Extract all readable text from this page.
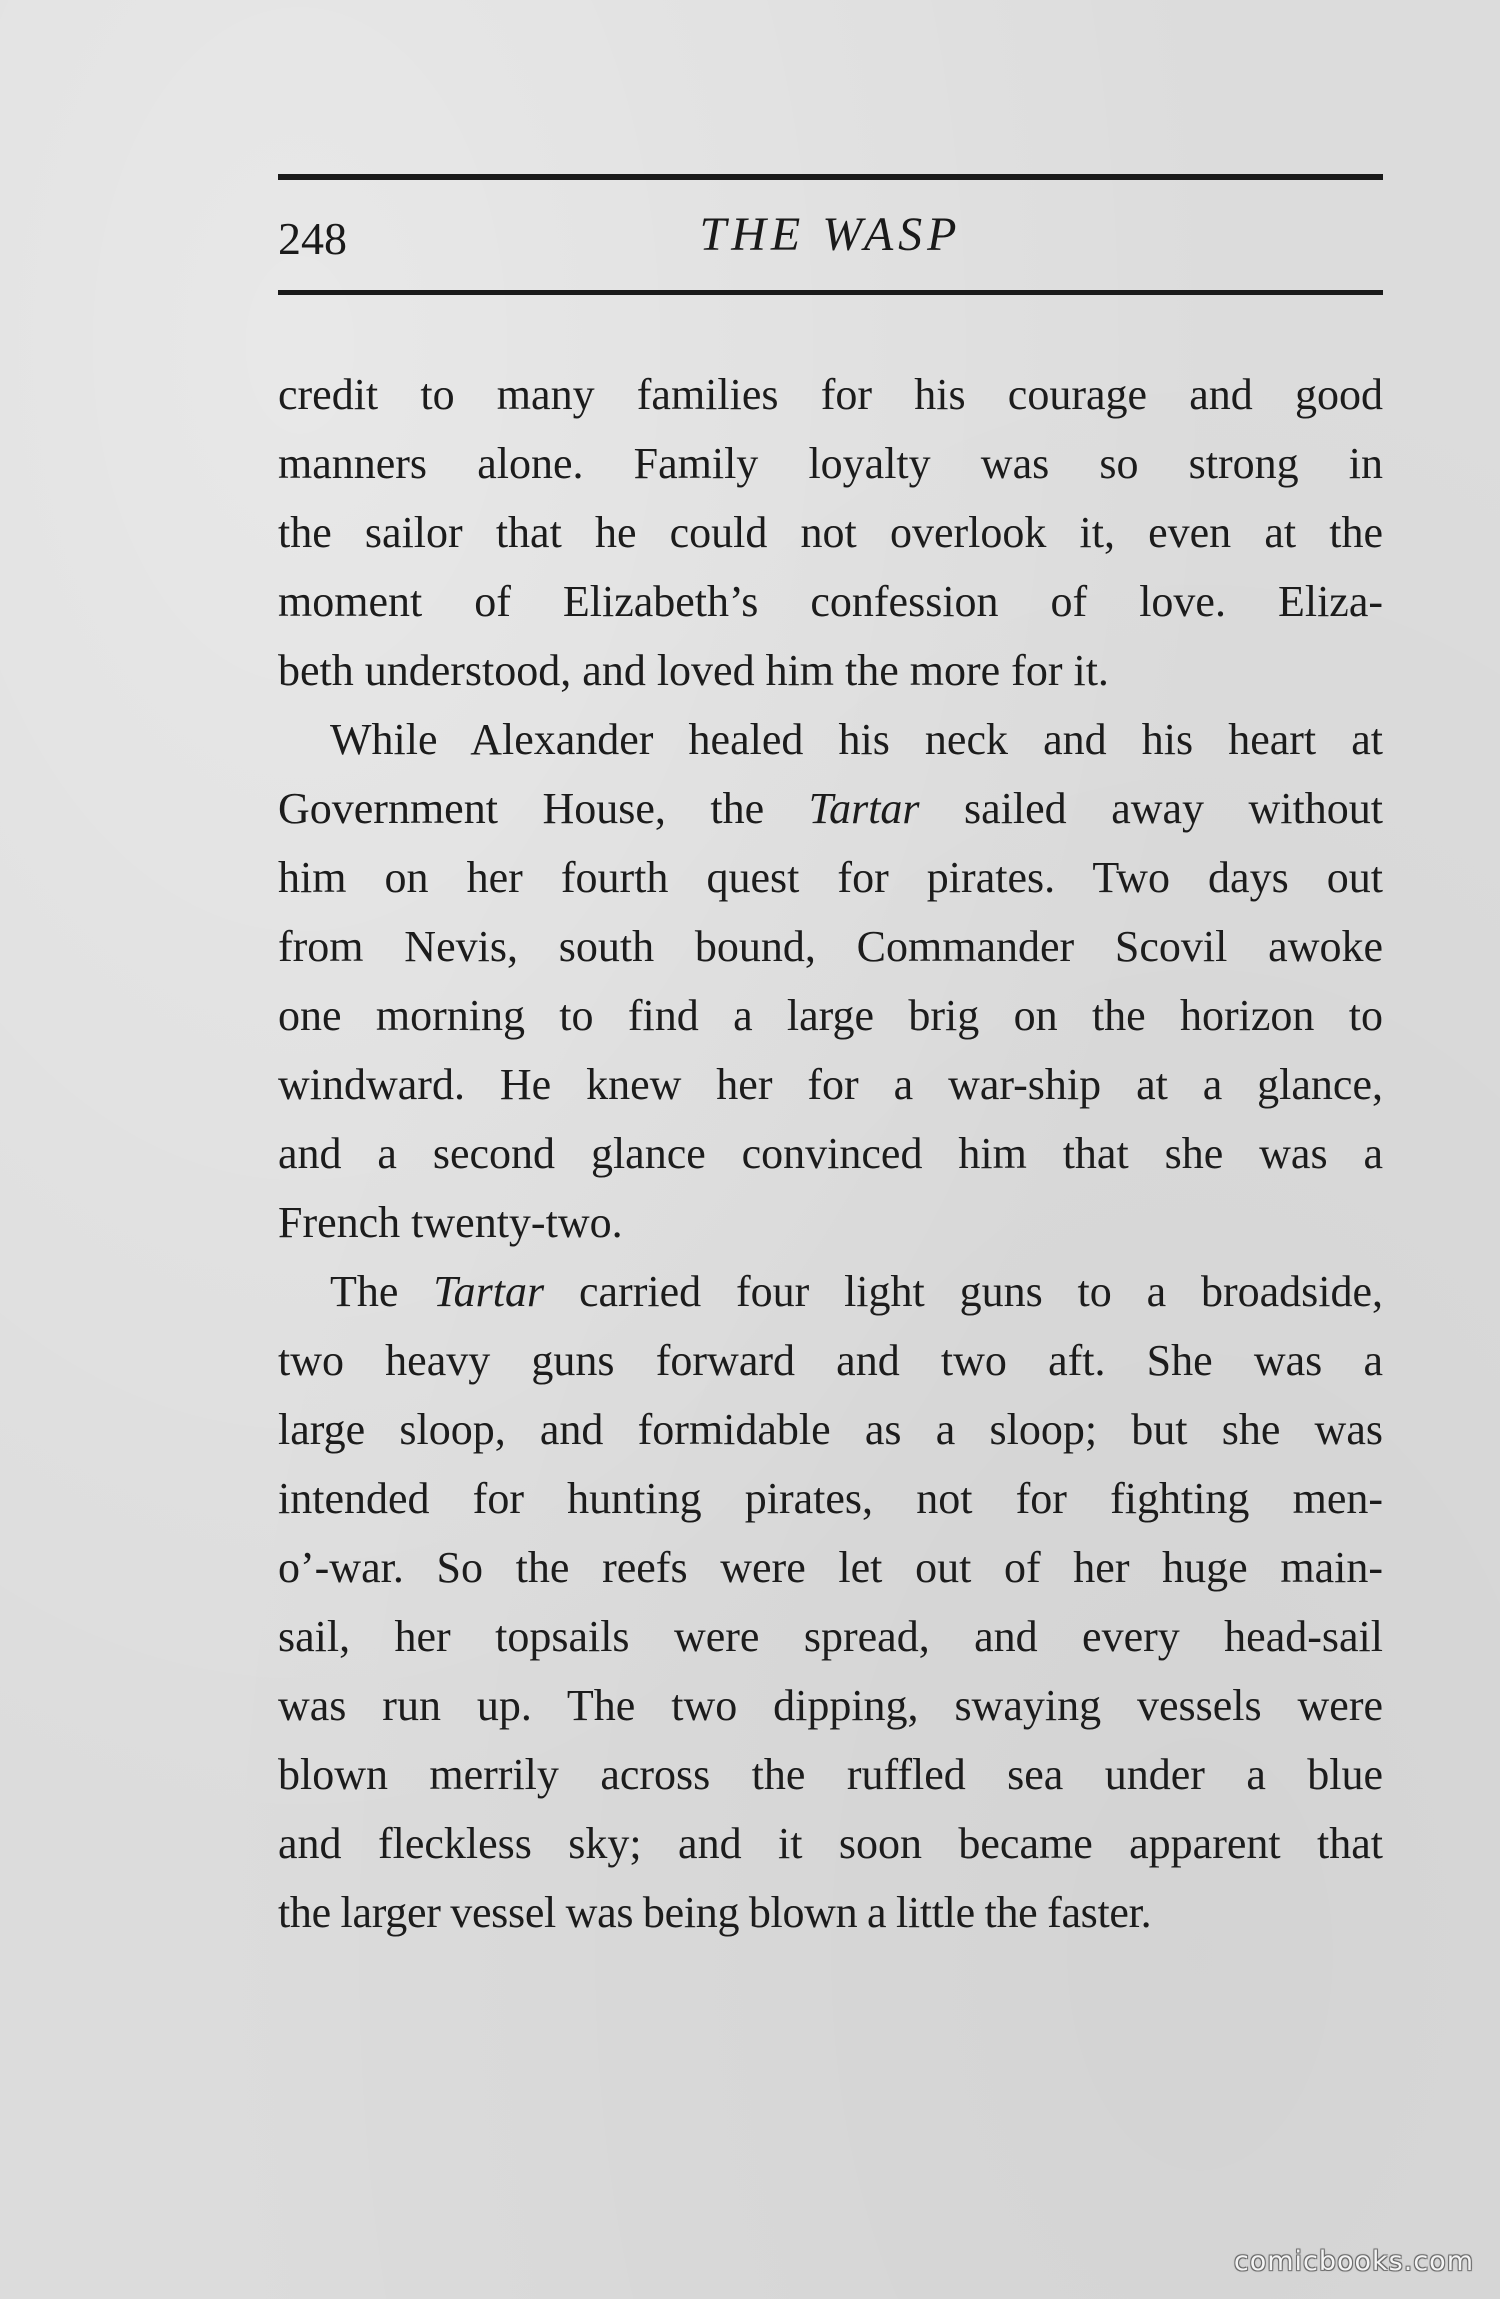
248	THE WASP

credit to many families for his courage and good
manners alone. Family loyalty was so strong in
the sailor that he could not overlook it, even at the
moment of Elizabeth’s confession of love. Eliza-
beth understood, and loved him the more for it.

While Alexander healed his neck and his heart at
Government House, the Tartar sailed away without
him on her fourth quest for pirates. Two days out
from Nevis, south bound, Commander Scovil awoke
one morning to find a large brig on the horizon to
windward. He knew her for a war-ship at a glance,
and a second glance convinced him that she was a
French twenty-two.

The Tartar carried four light guns to a broadside,
two heavy guns forward and two aft. She was a
large sloop, and formidable as a sloop; but she was
intended for hunting pirates, not for fighting men-
o’-war. So the reefs were let out of her huge main-
sail, her topsails were spread, and every head-sail
was run up. The two dipping, swaying vessels were
blown merrily across the ruffled sea under a blue
and fleckless sky; and it soon became apparent that
the larger vessel was being blown a little the faster.

comicbooks.com
